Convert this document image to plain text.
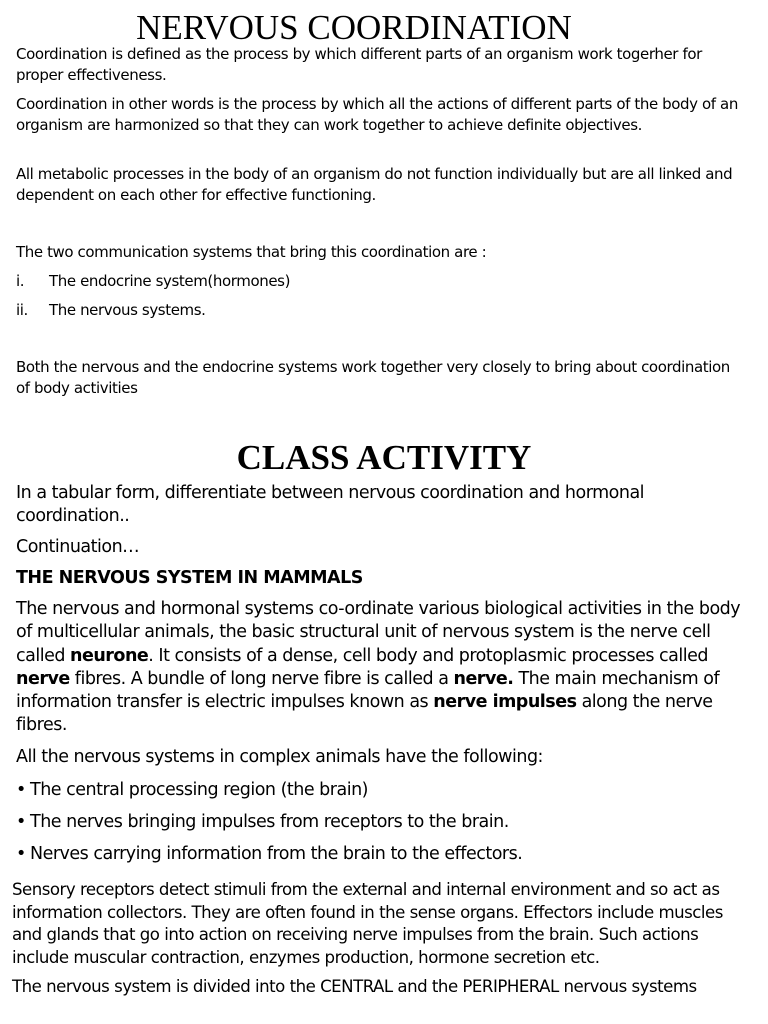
NERVOUS COORDINATION

Coordination is defined as the process by which different parts of an organism work togerher for proper effectiveness.

Coordination in other words is the process by which all the actions of different parts of the body of an organism are harmonized so that they can work together to achieve definite objectives.

All metabolic processes in the body of an organism do not function individually but are all linked and dependent on each other for effective functioning.

The two communication systems that bring this coordination are :

i. The endocrine system(hormones)
ii. The nervous systems.

Both the nervous and the endocrine systems work together very closely to bring about coordination of body activities

CLASS ACTIVITY

In a tabular form, differentiate between nervous coordination and hormonal coordination..

Continuation…

THE NERVOUS SYSTEM IN MAMMALS

The nervous and hormonal systems co-ordinate various biological activities in the body of multicellular animals, the basic structural unit of nervous system is the nerve cell called neurone. It consists of a dense, cell body and protoplasmic processes called nerve fibres. A bundle of long nerve fibre is called a nerve. The main mechanism of information transfer is electric impulses known as nerve impulses along the nerve fibres.

All the nervous systems in complex animals have the following:

• The central processing region (the brain)
• The nerves bringing impulses from receptors to the brain.
• Nerves carrying information from the brain to the effectors.

Sensory receptors detect stimuli from the external and internal environment and so act as information collectors. They are often found in the sense organs. Effectors include muscles and glands that go into action on receiving nerve impulses from the brain. Such actions include muscular contraction, enzymes production, hormone secretion etc.

The nervous system is divided into the CENTRAL and the PERIPHERAL nervous systems
